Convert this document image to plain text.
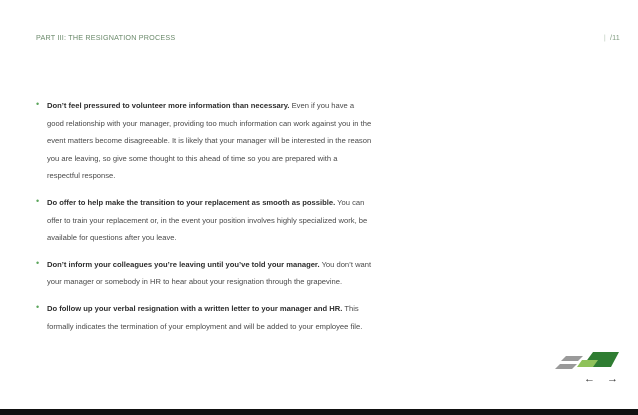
PART III: THE RESIGNATION PROCESS	| /11
• Don’t feel pressured to volunteer more information than necessary. Even if you have a good relationship with your manager, providing too much information can work against you in the event matters become disagreeable. It is likely that your manager will be interested in the reason you are leaving, so give some thought to this ahead of time so you are prepared with a respectful response.
• Do offer to help make the transition to your replacement as smooth as possible. You can offer to train your replacement or, in the event your position involves highly specialized work, be available for questions after you leave.
• Don’t inform your colleagues you’re leaving until you’ve told your manager. You don’t want your manager or somebody in HR to hear about your resignation through the grapevine.
• Do follow up your verbal resignation with a written letter to your manager and HR. This formally indicates the termination of your employment and will be added to your employee file.
← →
